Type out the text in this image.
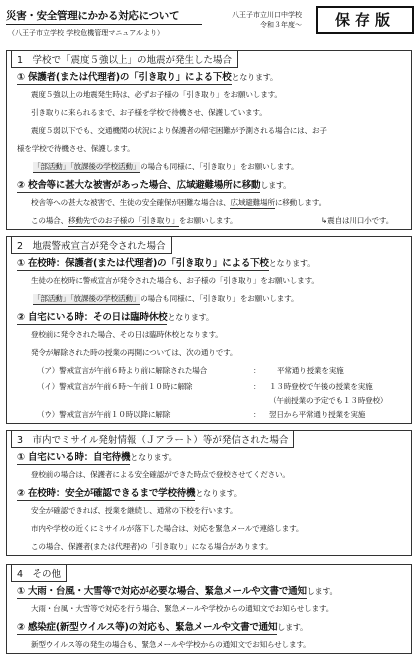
災害・安全管理にかかる対応について
（八王子市立学校 学校危機管理マニュアルより）
八王子市立川口中学校
令和３年度～	保存版
1　学校で「震度５強以上」の地震が発生した場合
① 保護者(または代理者)の「引き取り」による下校となります。
震度５強以上の地震発生時は、必ずお子様の「引き取り」をお願いします。
引き取りに来られるまで、お子様を学校で待機させ、保護しています。
震度５弱以下でも、交通機関の状況により保護者の帰宅困難が予測される場合には、お子
様を学校で待機させ、保護します。
「部活動」「放課後の学校活動」の場合も同様に、「引き取り」をお願いします。
② 校舎等に甚大な被害があった場合、広域避難場所に移動します。
校舎等への甚大な被害で、生徒の安全確保が困難な場合は、広域避難場所に移動します。
この場合、移動先でのお子様の「引き取り」をお願いします。	↳震自は川口小です。
2　地震警戒宣言が発令された場合
① 在校時：保護者(または代理者)の「引き取り」による下校となります。
生徒の在校時に警戒宣言が発令された場合も、お子様の「引き取り」をお願いします。
「部活動」「放課後の学校活動」の場合も同様に、「引き取り」をお願いします。
② 自宅にいる時：その日は臨時休校となります。
登校前に発令された場合、その日は臨時休校となります。
発令が解除された時の授業の再開については、次の通りです。
（ア）警戒宣言が午前６時より前に解除された場合	： 平常通り授業を実施
（イ）警戒宣言が午前６時～午前１０時に解除	： １３時登校で午後の授業を実施
（午前授業の予定でも１３時登校）
（ウ）警戒宣言が午前１０時以降に解除	： 翌日から平常通り授業を実施
3　市内でミサイル発射情報（Ｊアラート）等が発信された場合
① 自宅にいる時：自宅待機となります。
登校前の場合は、保護者による安全確認ができた時点で登校させてください。
② 在校時：安全が確認できるまで学校待機となります。
安全が確認できれば、授業を継続し、通常の下校を行います。
市内や学校の近くにミサイルが落下した場合は、対応を緊急メールで連絡します。
この場合、保護者(または代理者)の「引き取り」になる場合があります。
4　その他
① 大雨・台風・大雪等で対応が必要な場合、緊急メールや文書で通知します。
大雨・台風・大雪等で対応を行う場合、緊急メールや学校からの通知文でお知らせします。
② 感染症(新型ウイルス等)の対応も、緊急メールや文書で通知します。
新型ウイルス等の発生の場合も、緊急メールや学校からの通知文でお知らせします。
